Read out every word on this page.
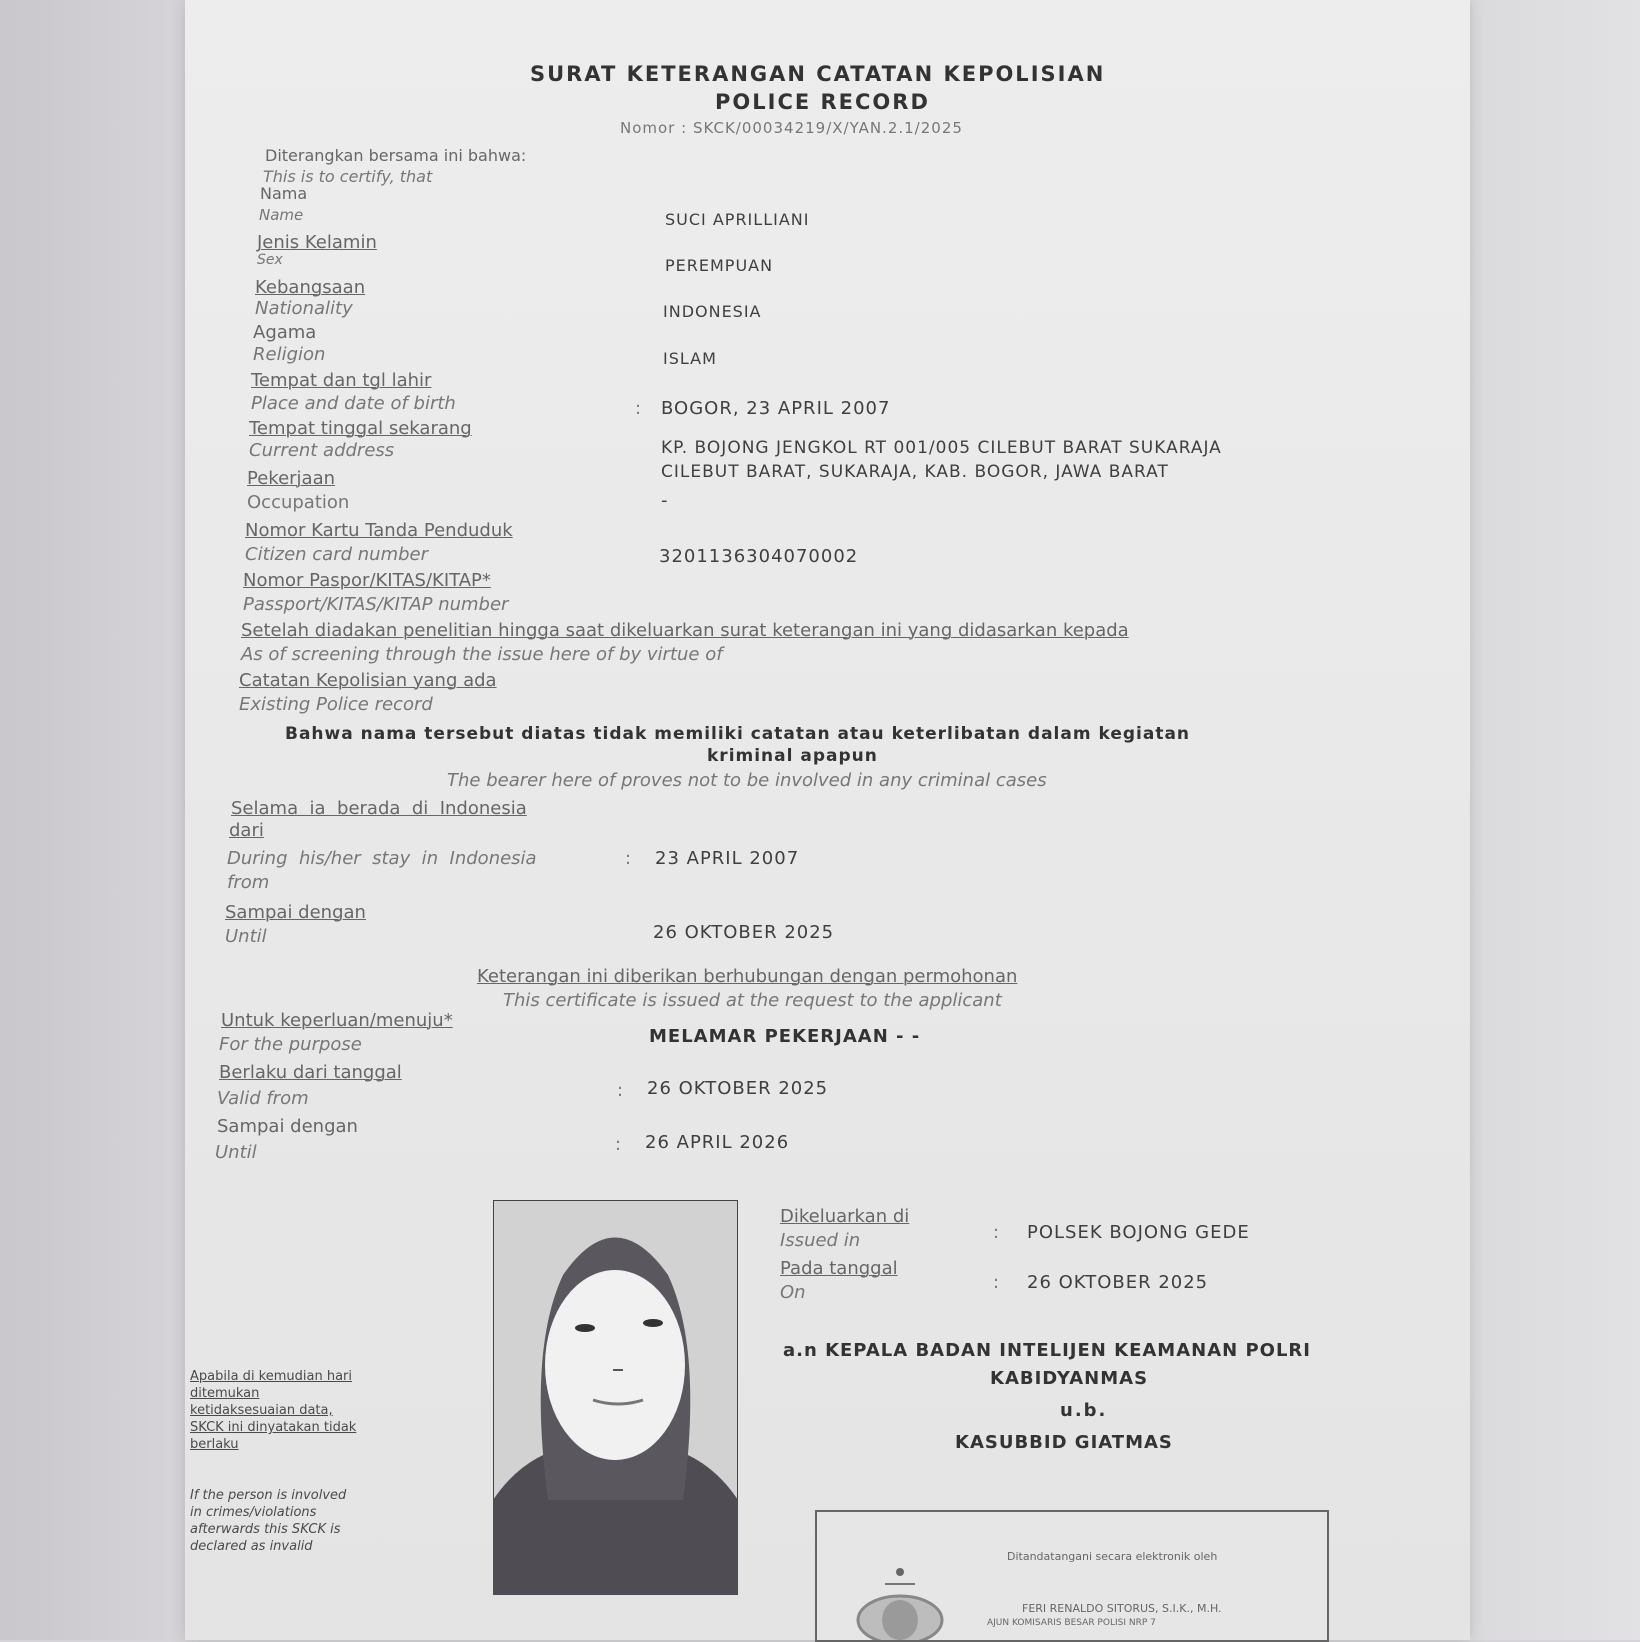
SURAT KETERANGAN CATATAN KEPOLISIAN
POLICE RECORD
Nomor : SKCK/00034219/X/YAN.2.1/2025
Diterangkan bersama ini bahwa:
This is to certify, that
Nama
Name	SUCI APRILLIANI
Jenis Kelamin
Sex	PEREMPUAN
Kebangsaan
Nationality	INDONESIA
Agama
Religion	ISLAM
Tempat dan tgl lahir
Place and date of birth	: BOGOR, 23 APRIL 2007
Tempat tinggal sekarang
Current address	KP. BOJONG JENGKOL RT 001/005 CILEBUT BARAT SUKARAJA
CILEBUT BARAT, SUKARAJA, KAB. BOGOR, JAWA BARAT
Pekerjaan
Occupation	-
Nomor Kartu Tanda Penduduk
Citizen card number	3201136304070002
Nomor Paspor/KITAS/KITAP*
Passport/KITAS/KITAP number
Setelah diadakan penelitian hingga saat dikeluarkan surat keterangan ini yang didasarkan kepada
As of screening through the issue here of by virtue of
Catatan Kepolisian yang ada
Existing Police record
Bahwa nama tersebut diatas tidak memiliki catatan atau keterlibatan dalam kegiatan
kriminal apapun
The bearer here of proves not to be involved in any criminal cases
Selama  ia  berada  di  Indonesia
dari
During  his/her  stay  in  Indonesia
from
: 23 APRIL 2007
Sampai dengan
Until	26 OKTOBER 2025
Keterangan ini diberikan berhubungan dengan permohonan
This certificate is issued at the request to the applicant
Untuk keperluan/menuju*
For the purpose	MELAMAR PEKERJAAN - -
Berlaku dari tanggal
Valid from	: 26 OKTOBER 2025
Sampai dengan
Until	: 26 APRIL 2026
Apabila di kemudian hari
ditemukan
ketidaksesuaian data,
SKCK ini dinyatakan tidak
berlaku
If the person is involved
in crimes/violations
afterwards this SKCK is
declared as invalid
Dikeluarkan di
Issued in	: POLSEK BOJONG GEDE
Pada tanggal
On	: 26 OKTOBER 2025
a.n KEPALA BADAN INTELIJEN KEAMANAN POLRI
KABIDYANMAS
u.b.
KASUBBID GIATMAS
Ditandatangani secara elektronik oleh
FERI RENALDO SITORUS, S.I.K., M.H.
AJUN KOMISARIS BESAR POLISI NRP 7
